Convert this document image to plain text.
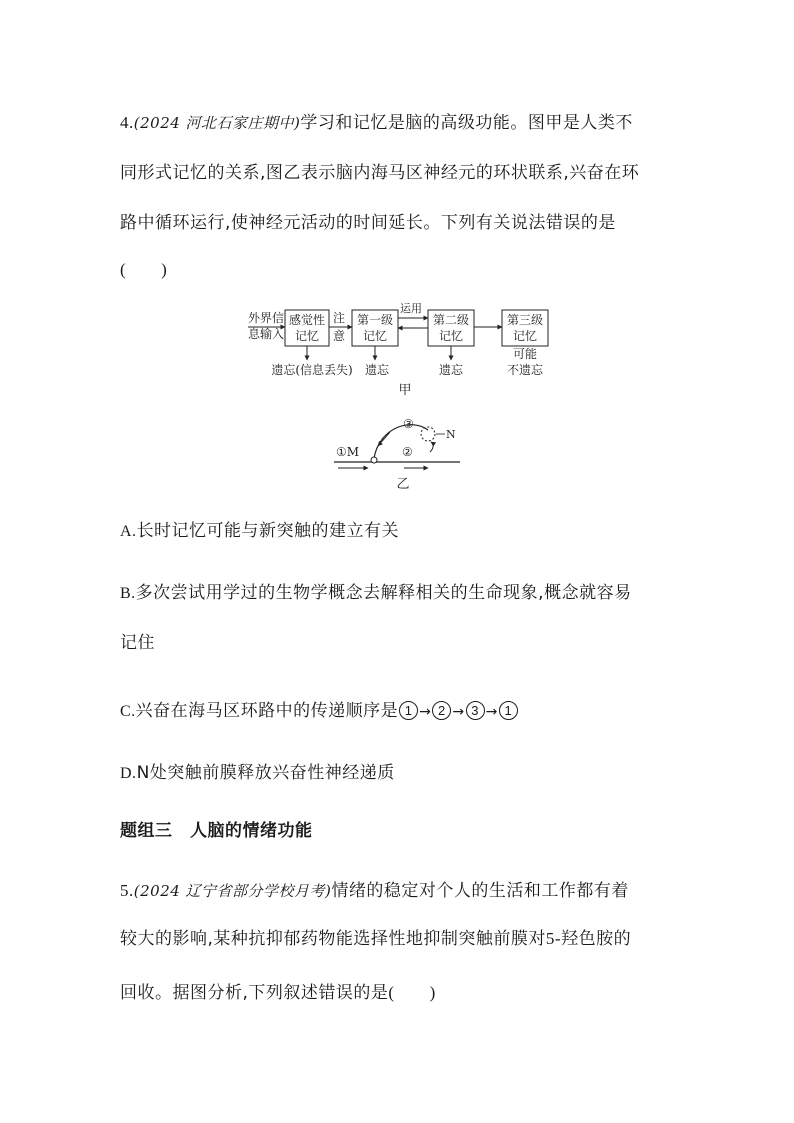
4.(2024 河北石家庄期中)学习和记忆是脑的高级功能。图甲是人类不
同形式记忆的关系,图乙表示脑内海马区神经元的环状联系,兴奋在环
路中循环运行,使神经元活动的时间延长。下列有关说法错误的是
(　　)
外界信
息输入
感觉性
记忆
注
意
第一级
记忆
运用
第二级
记忆
第三级
记忆
遗忘(信息丢失) 遗忘	遗忘
可能
不遗忘
甲
①M
③
N
②
乙
A.长时记忆可能与新突触的建立有关
B.多次尝试用学过的生物学概念去解释相关的生命现象,概念就容易
记住
C.兴奋在海马区环路中的传递顺序是 1 → 2 → 3 → 1
D.N处突触前膜释放兴奋性神经递质
题组三　人脑的情绪功能
5.(2024 辽宁省部分学校月考)情绪的稳定对个人的生活和工作都有着
较大的影响,某种抗抑郁药物能选择性地抑制突触前膜对5-羟色胺的
回收。据图分析,下列叙述错误的是(　　)
